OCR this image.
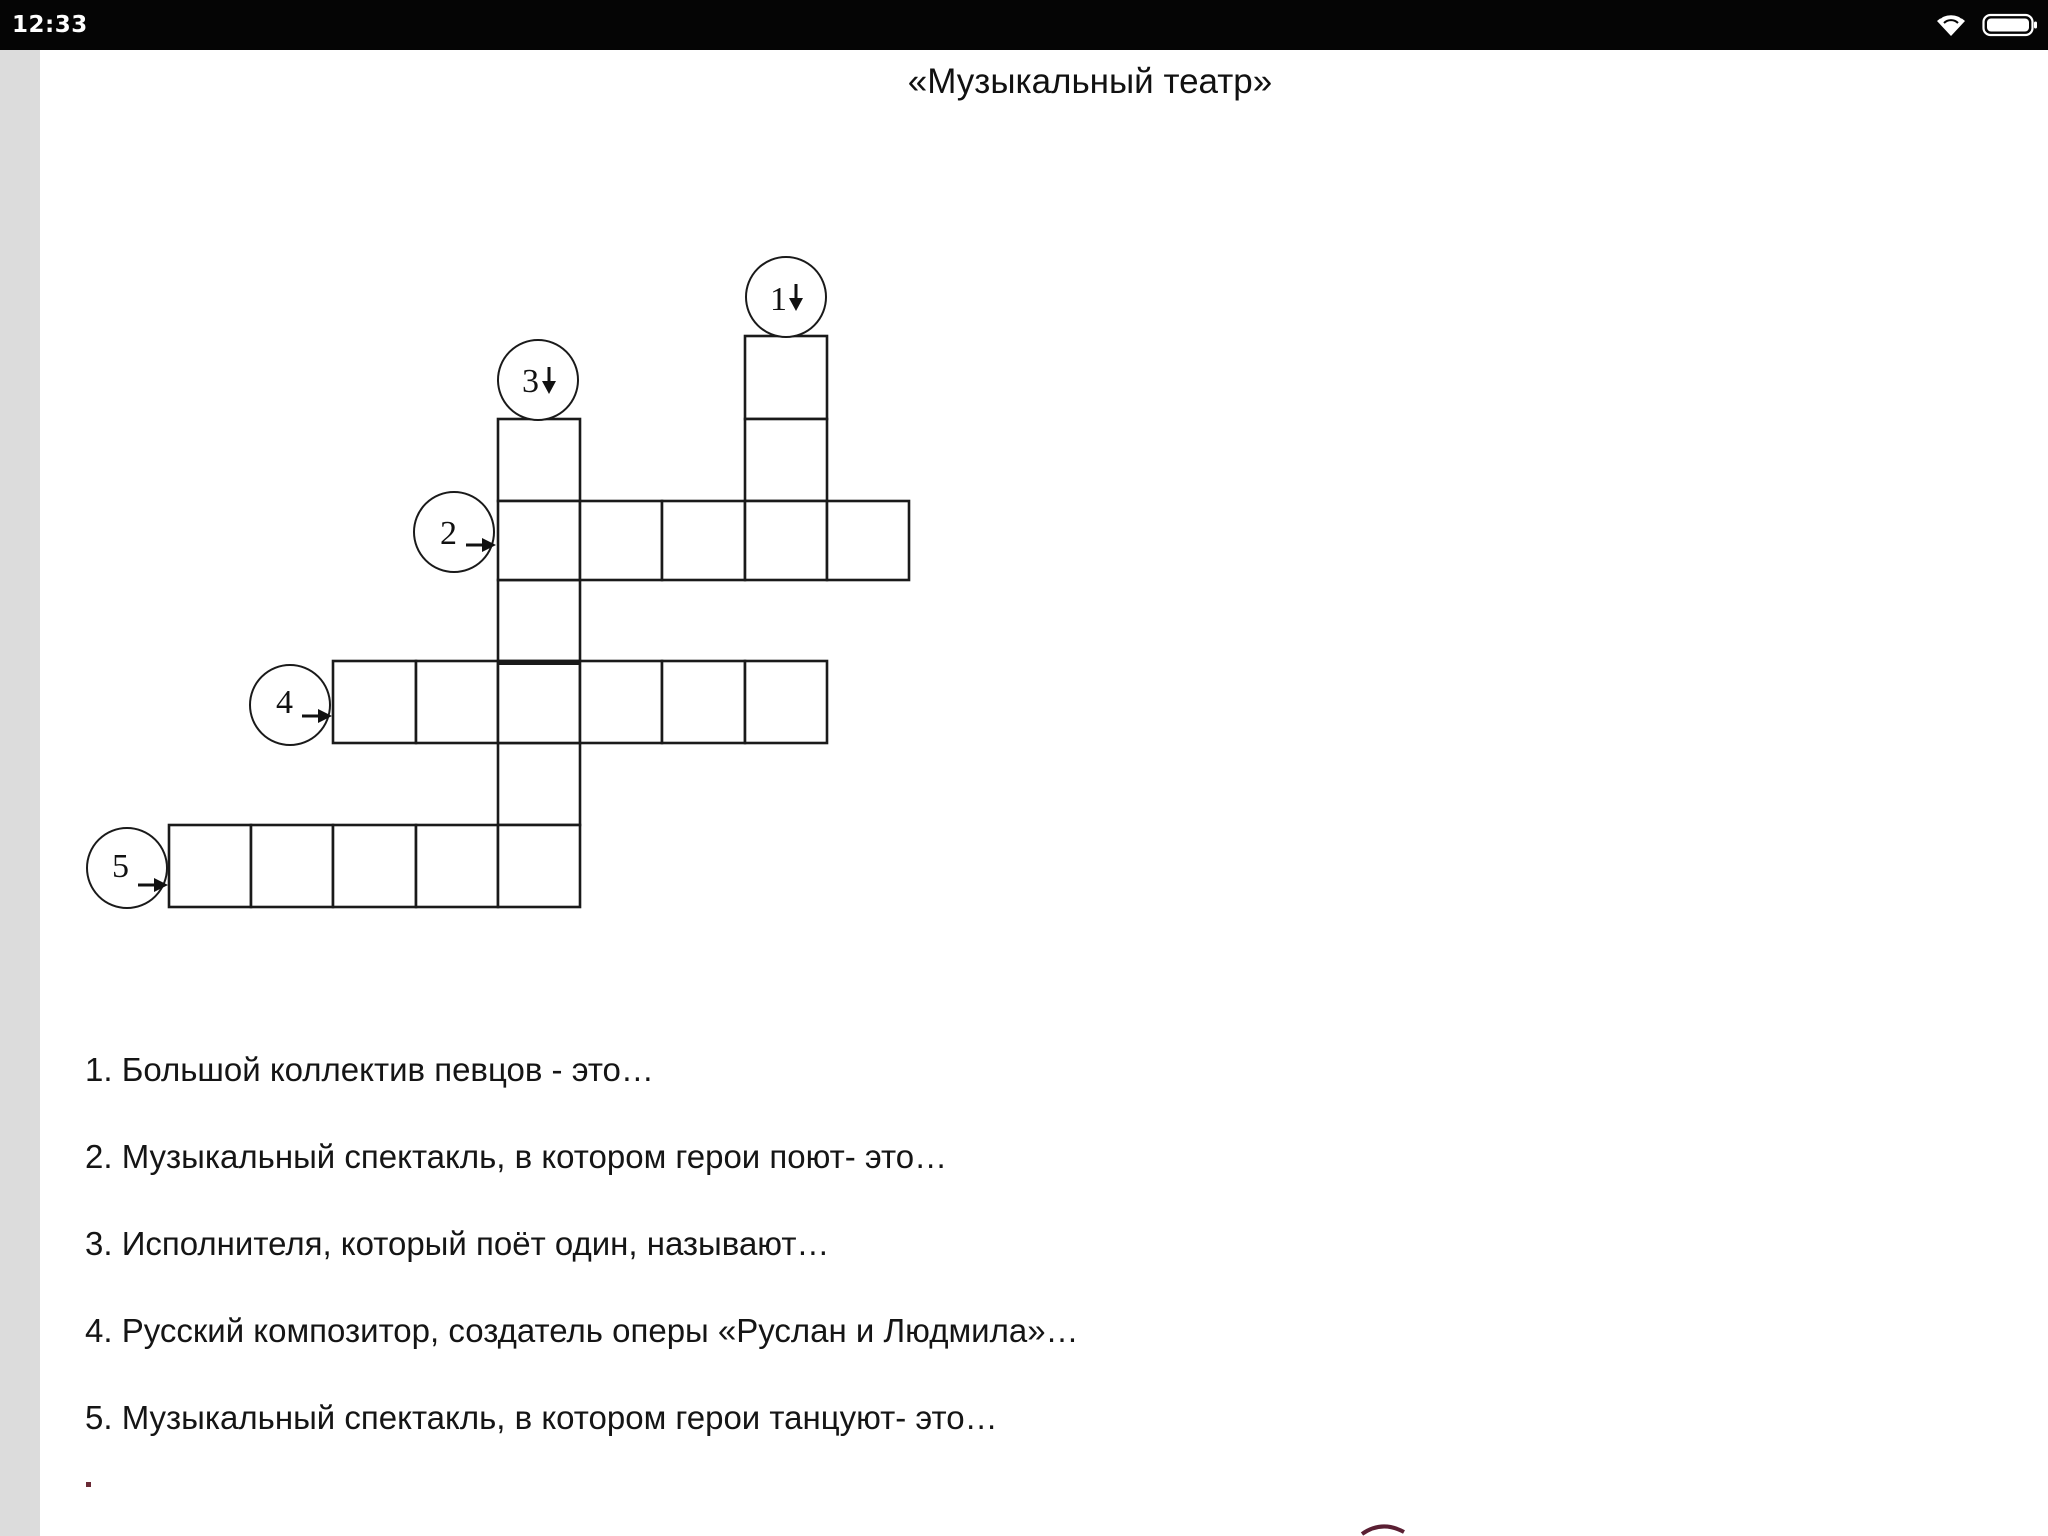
12:33
«Музыкальный театр»
1
3
2
4
5
1. Большой коллектив певцов - это…
2. Музыкальный спектакль, в котором герои поют- это…
3. Исполнителя, который поёт один, называют…
4. Русский композитор, создатель оперы «Руслан и Людмила»…
5. Музыкальный спектакль, в котором герои танцуют- это…
